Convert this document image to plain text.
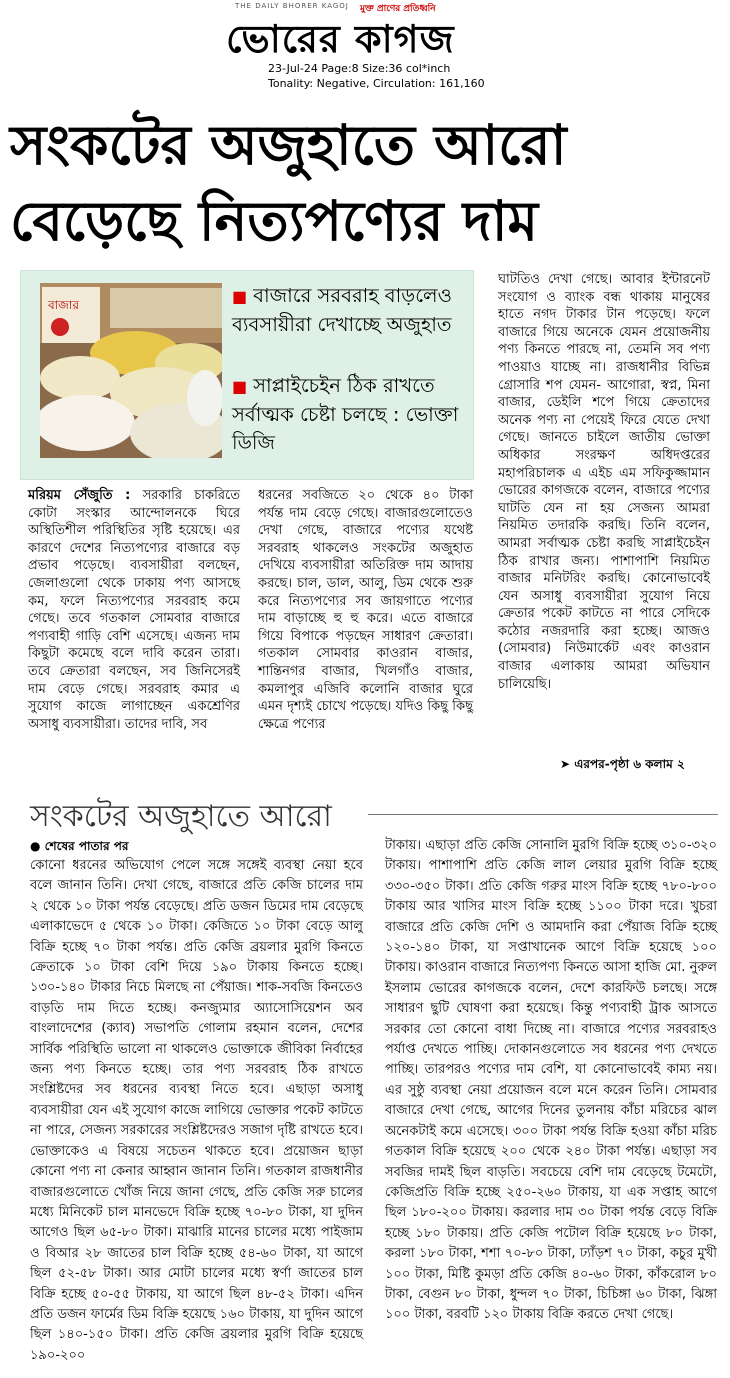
THE DAILY BHORER KAGOJ মুক্ত প্রাণের প্রতিধ্বনি
ভোরের কাগজ
23-Jul-24 Page:8 Size:36 col*inch
Tonality: Negative, Circulation: 161,160
সংকটের অজুহাতে আরো
বেড়েছে নিত্যপণ্যের দাম
বাজার	■ বাজারে সরবরাহ বাড়লেও ব্যবসায়ীরা দেখাচ্ছে অজুহাত
■ সাপ্লাইচেইন ঠিক রাখতে সর্বাত্মক চেষ্টা চলছে : ভোক্তা ডিজি

মরিয়ম সেঁজুতি : সরকারি চাকরিতে কোটা সংস্কার আন্দোলনকে ঘিরে অস্থিতিশীল পরিস্থিতির সৃষ্টি হয়েছে। এর কারণে দেশের নিত্যপণ্যের বাজারে বড় প্রভাব পড়েছে। ব্যবসায়ীরা বলছেন, জেলাগুলো থেকে ঢাকায় পণ্য আসছে কম, ফলে নিত্যপণ্যের সরবরাহ কমে গেছে। তবে গতকাল সোমবার বাজারে পণ্যবাহী গাড়ি বেশি এসেছে। এজন্য দাম কিছুটা কমেছে বলে দাবি করেন তারা। তবে ক্রেতারা বলছেন, সব জিনিসেরই দাম বেড়ে গেছে। সরবরাহ কমার এ সুযোগ কাজে লাগাচ্ছেন একশ্রেণির অসাধু ব্যবসায়ীরা। তাদের দাবি, সব

ধরনের সবজিতে ২০ থেকে ৪০ টাকা পর্যন্ত দাম বেড়ে গেছে। বাজারগুলোতেও দেখা গেছে, বাজারে পণ্যের যথেষ্ট সরবরাহ থাকলেও সংকটের অজুহাত দেখিয়ে ব্যবসায়ীরা অতিরিক্ত দাম আদায় করছে। চাল, ডাল, আলু, ডিম থেকে শুরু করে নিত্যপণ্যের সব জায়গাতে পণ্যের দাম বাড়াচ্ছে হু হু করে। এতে বাজারে গিয়ে বিপাকে পড়ছেন সাধারণ ক্রেতারা। গতকাল সোমবার কাওরান বাজার, শান্তিনগর বাজার, খিলগাঁও বাজার, কমলাপুর এজিবি কলোনি বাজার ঘুরে এমন দৃশ্যই চোখে পড়েছে। যদিও কিছু কিছু ক্ষেত্রে পণ্যের

ঘাটতিও দেখা গেছে। আবার ইন্টারনেট সংযোগ ও ব্যাংক বন্ধ থাকায় মানুষের হাতে নগদ টাকার টান পড়েছে। ফলে বাজারে গিয়ে অনেকে যেমন প্রয়োজনীয় পণ্য কিনতে পারছে না, তেমনি সব পণ্য পাওয়াও যাচ্ছে না। রাজধানীর বিভিন্ন গ্রোসারি শপ যেমন- আগোরা, স্বপ্ন, মিনা বাজার, ডেইলি শপে গিয়ে ক্রেতাদের অনেক পণ্য না পেয়েই ফিরে যেতে দেখা গেছে। জানতে চাইলে জাতীয় ভোক্তা অধিকার সংরক্ষণ অধিদপ্তরের মহাপরিচালক এ এইচ এম সফিকুজ্জামান ভোরের কাগজকে বলেন, বাজারে পণ্যের ঘাটতি যেন না হয় সেজন্য আমরা নিয়মিত তদারকি করছি। তিনি বলেন, আমরা সর্বাত্মক চেষ্টা করছি সাপ্লাইচেইন ঠিক রাখার জন্য। পাশাপাশি নিয়মিত বাজার মনিটরিং করছি। কোনোভাবেই যেন অসাধু ব্যবসায়ীরা সুযোগ নিয়ে ক্রেতার পকেট কাটতে না পারে সেদিকে কঠোর নজরদারি করা হচ্ছে। আজও (সোমবার) নিউমার্কেট এবং কাওরান বাজার এলাকায় আমরা অভিযান চালিয়েছি।

➤ এরপর-পৃষ্ঠা ৬ কলাম ২
সংকটের অজুহাতে আরো
● শেষের পাতার পর

কোনো ধরনের অভিযোগ পেলে সঙ্গে সঙ্গেই ব্যবস্থা নেয়া হবে বলে জানান তিনি। দেখা গেছে, বাজারে প্রতি কেজি চালের দাম ২ থেকে ১০ টাকা পর্যন্ত বেড়েছে। প্রতি ডজন ডিমের দাম বেড়েছে এলাকাভেদে ৫ থেকে ১০ টাকা। কেজিতে ১০ টাকা বেড়ে আলু বিক্রি হচ্ছে ৭০ টাকা পর্যন্ত। প্রতি কেজি ব্রয়লার মুরগি কিনতে ক্রেতাকে ১০ টাকা বেশি দিয়ে ১৯০ টাকায় কিনতে হচ্ছে। ১৩০-১৪০ টাকার নিচে মিলছে না পেঁয়াজ। শাক-সবজি কিনতেও বাড়তি দাম দিতে হচ্ছে। কনজ্যুমার অ্যাসোসিয়েশন অব বাংলাদেশের (ক্যাব) সভাপতি গোলাম রহমান বলেন, দেশের সার্বিক পরিস্থিতি ভালো না থাকলেও ভোক্তাকে জীবিকা নির্বাহের জন্য পণ্য কিনতে হচ্ছে। তার পণ্য সরবরাহ ঠিক রাখতে সংশ্লিষ্টদের সব ধরনের ব্যবস্থা নিতে হবে। এছাড়া অসাধু ব্যবসায়ীরা যেন এই সুযোগ কাজে লাগিয়ে ভোক্তার পকেট কাটতে না পারে, সেজন্য সরকারের সংশ্লিষ্টদেরও সজাগ দৃষ্টি রাখতে হবে। ভোক্তাকেও এ বিষয়ে সচেতন থাকতে হবে। প্রয়োজন ছাড়া কোনো পণ্য না কেনার আহ্বান জানান তিনি। গতকাল রাজধানীর বাজারগুলোতে খোঁজ নিয়ে জানা গেছে, প্রতি কেজি সরু চালের মধ্যে মিনিকেট চাল মানভেদে বিক্রি হচ্ছে ৭০-৮০ টাকা, যা দুদিন আগেও ছিল ৬৫-৮০ টাকা। মাঝারি মানের চালের মধ্যে পাইজাম ও বিআর ২৮ জাতের চাল বিক্রি হচ্ছে ৫৪-৬০ টাকা, যা আগে ছিল ৫২-৫৮ টাকা। আর মোটা চালের মধ্যে স্বর্ণা জাতের চাল বিক্রি হচ্ছে ৫০-৫৫ টাকায়, যা আগে ছিল ৪৮-৫২ টাকা। এদিন প্রতি ডজন ফার্মের ডিম বিক্রি হয়েছে ১৬০ টাকায়, যা দুদিন আগে ছিল ১৪০-১৫০ টাকা। প্রতি কেজি ব্রয়লার মুরগি বিক্রি হয়েছে ১৯০-২০০

টাকায়। এছাড়া প্রতি কেজি সোনালি মুরগি বিক্রি হচ্ছে ৩১০-৩২০ টাকায়। পাশাপাশি প্রতি কেজি লাল লেয়ার মুরগি বিক্রি হচ্ছে ৩৩০-৩৫০ টাকা। প্রতি কেজি গরুর মাংস বিক্রি হচ্ছে ৭৮০-৮০০ টাকায় আর খাসির মাংস বিক্রি হচ্ছে ১১০০ টাকা দরে। খুচরা বাজারে প্রতি কেজি দেশি ও আমদানি করা পেঁয়াজ বিক্রি হচ্ছে ১২০-১৪০ টাকা, যা সপ্তাখানেক আগে বিক্রি হয়েছে ১০০ টাকায়। কাওরান বাজারে নিত্যপণ্য কিনতে আসা হাজি মো. নুরুল ইসলাম ভোরের কাগজকে বলেন, দেশে কারফিউ চলছে। সঙ্গে সাধারণ ছুটি ঘোষণা করা হয়েছে। কিন্তু পণ্যবাহী ট্রাক আসতে সরকার তো কোনো বাধা দিচ্ছে না। বাজারে পণ্যের সরবরাহও পর্যাপ্ত দেখতে পাচ্ছি। দোকানগুলোতে সব ধরনের পণ্য দেখতে পাচ্ছি। তারপরও পণ্যের দাম বেশি, যা কোনোভাবেই কাম্য নয়। এর সুষ্ঠু ব্যবস্থা নেয়া প্রয়োজন বলে মনে করেন তিনি। সোমবার বাজারে দেখা গেছে, আগের দিনের তুলনায় কাঁচা মরিচের ঝাল অনেকটাই কমে এসেছে। ৩০০ টাকা পর্যন্ত বিক্রি হওয়া কাঁচা মরিচ গতকাল বিক্রি হয়েছে ২০০ থেকে ২৪০ টাকা পর্যন্ত। এছাড়া সব সবজির দামই ছিল বাড়তি। সবচেয়ে বেশি দাম বেড়েছে টমেটো, কেজিপ্রতি বিক্রি হচ্ছে ২৫০-২৬০ টাকায়, যা এক সপ্তাহ আগে ছিল ১৮০-২০০ টাকায়। করলার দাম ৩০ টাকা পর্যন্ত বেড়ে বিক্রি হচ্ছে ১৮০ টাকায়। প্রতি কেজি পটোল বিক্রি হয়েছে ৮০ টাকা, করলা ১৮০ টাকা, শশা ৭০-৮০ টাকা, ঢ্যাঁড়শ ৭০ টাকা, কচুর মুখী ১০০ টাকা, মিষ্টি কুমড়া প্রতি কেজি ৪০-৬০ টাকা, কাঁকরোল ৮০ টাকা, বেগুন ৮০ টাকা, ধুন্দল ৭০ টাকা, চিচিঙ্গা ৬০ টাকা, ঝিঙ্গা ১০০ টাকা, বরবটি ১২০ টাকায় বিক্রি করতে দেখা গেছে।
